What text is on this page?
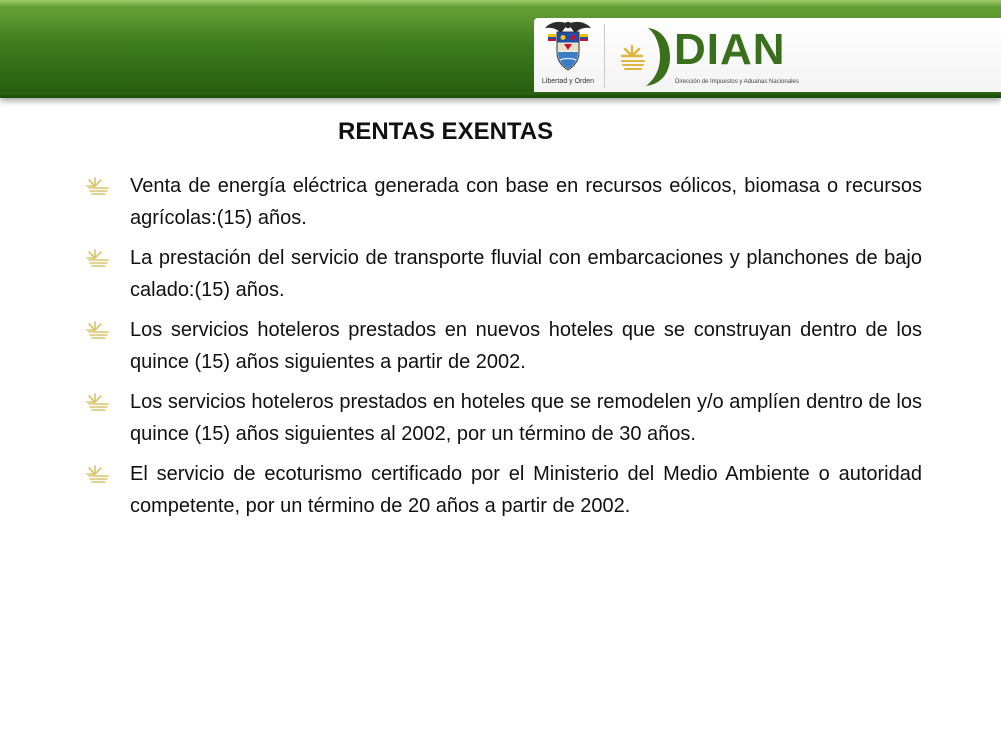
Libertad y Orden
DIAN
Dirección de Impuestos y Aduanas Nacionales
RENTAS EXENTAS
Venta de energía eléctrica generada con base en recursos eólicos, biomasa o recursos agrícolas:(15) años.
La prestación del servicio de transporte fluvial con embarcaciones y planchones de bajo calado:(15) años.
Los servicios hoteleros prestados en nuevos hoteles que se construyan dentro de los quince (15) años siguientes a partir de 2002.
Los servicios hoteleros prestados en hoteles que se remodelen y/o amplíen dentro de los quince (15) años siguientes al 2002, por un término de 30 años.
El servicio de ecoturismo certificado por el Ministerio del Medio Ambiente o autoridad competente, por un término de 20 años a partir de 2002.
